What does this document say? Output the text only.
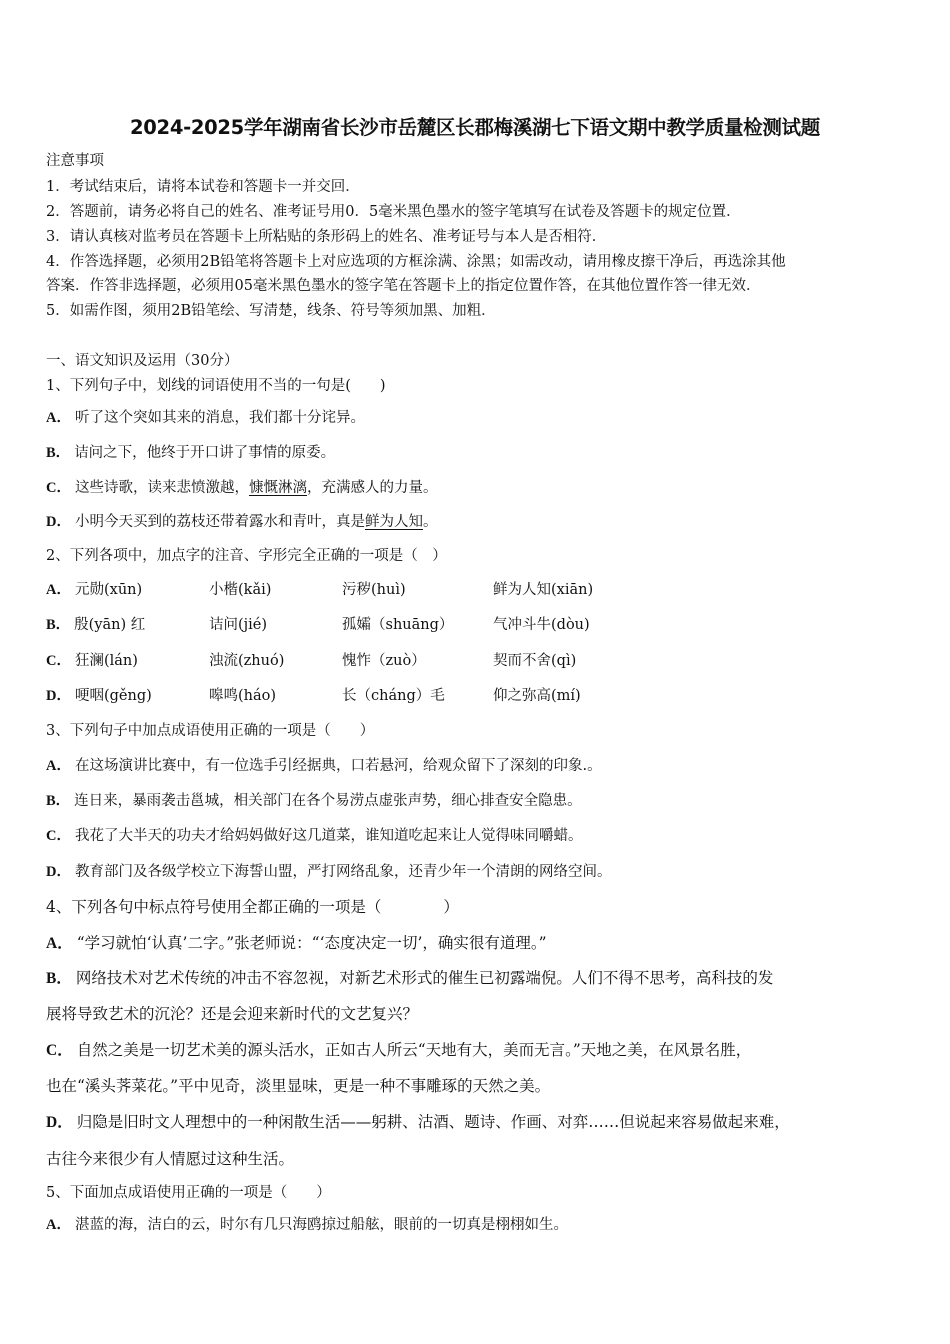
2024-2025学年湖南省长沙市岳麓区长郡梅溪湖七下语文期中教学质量检测试题
注意事项
1．考试结束后，请将本试卷和答题卡一并交回．
2．答题前，请务必将自己的姓名、准考证号用0．5毫米黑色墨水的签字笔填写在试卷及答题卡的规定位置．
3．请认真核对监考员在答题卡上所粘贴的条形码上的姓名、准考证号与本人是否相符．
4．作答选择题，必须用2B铅笔将答题卡上对应选项的方框涂满、涂黑；如需改动，请用橡皮擦干净后，再选涂其他
答案．作答非选择题，必须用05毫米黑色墨水的签字笔在答题卡上的指定位置作答，在其他位置作答一律无效．
5．如需作图，须用2B铅笔绘、写清楚，线条、符号等须加黑、加粗．
一、语文知识及运用（30分）
1、下列句子中，划线的词语使用不当的一句是(　　)
A． 听了这个突如其来的消息，我们都十分诧异。
B． 诘问之下，他终于开口讲了事情的原委。
C． 这些诗歌，读来悲愤激越，慷慨淋漓，充满感人的力量。
D． 小明今天买到的荔枝还带着露水和青叶，真是鲜为人知。
2、下列各项中，加点字的注音、字形完全正确的一项是（　）
A． 元勋(xūn)	小楷(kǎi)	污秽(huì)	鲜为人知(xiān)
B． 殷(yān) 红	诘问(jié)	孤孀（shuāng）	气冲斗牛(dòu)
C． 狂澜(lán)	浊流(zhuó)	愧怍（zuò）	契而不舍(qì)
D． 哽咽(gěng)	嗥鸣(háo)	长（cháng）毛	仰之弥高(mí)
3、下列句子中加点成语使用正确的一项是（　　）
A． 在这场演讲比赛中，有一位选手引经据典，口若悬河，给观众留下了深刻的印象.。
B． 连日来，暴雨袭击邕城，相关部门在各个易涝点虚张声势，细心排查安全隐患。
C． 我花了大半天的功夫才给妈妈做好这几道菜，谁知道吃起来让人觉得味同嚼蜡。
D． 教育部门及各级学校立下海誓山盟，严打网络乱象，还青少年一个清朗的网络空间。
4、下列各句中标点符号使用全都正确的一项是（　　　　）
A． “学习就怕‘认真’二字。”张老师说：“‘态度决定一切’，确实很有道理。”
B． 网络技术对艺术传统的冲击不容忽视，对新艺术形式的催生已初露端倪。人们不得不思考，高科技的发
展将导致艺术的沉沦？还是会迎来新时代的文艺复兴？
C． 自然之美是一切艺术美的源头活水，正如古人所云“天地有大，美而无言。”天地之美，在风景名胜，
也在“溪头荠菜花。”平中见奇，淡里显味，更是一种不事雕琢的天然之美。
D． 归隐是旧时文人理想中的一种闲散生活——躬耕、沽酒、题诗、作画、对弈……但说起来容易做起来难，
古往今来很少有人情愿过这种生活。
5、下面加点成语使用正确的一项是（　　）
A． 湛蓝的海，洁白的云，时尔有几只海鸥掠过船舷，眼前的一切真是栩栩如生。
